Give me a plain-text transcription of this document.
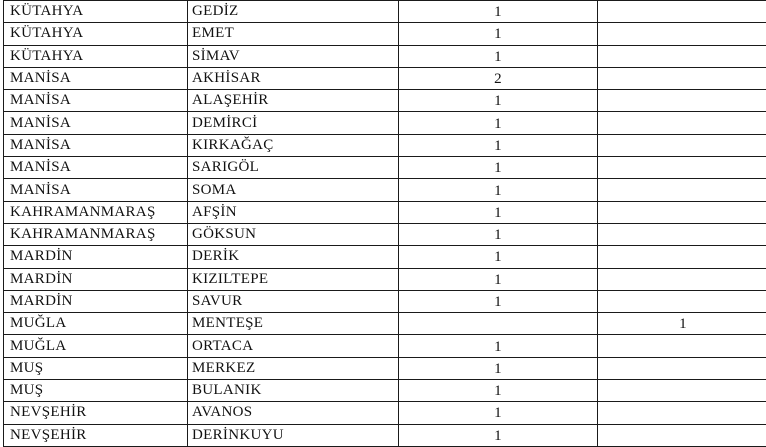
KÜTAHYA	GEDİZ	1	
KÜTAHYA	EMET	1	
KÜTAHYA	SİMAV	1	
MANİSA	AKHİSAR	2	
MANİSA	ALAŞEHİR	1	
MANİSA	DEMİRCİ	1	
MANİSA	KIRKAĞAÇ	1	
MANİSA	SARIGÖL	1	
MANİSA	SOMA	1	
KAHRAMANMARAŞ	AFŞİN	1	
KAHRAMANMARAŞ	GÖKSUN	1	
MARDİN	DERİK	1	
MARDİN	KIZILTEPE	1	
MARDİN	SAVUR	1	
MUĞLA	MENTEŞE		1
MUĞLA	ORTACA	1	
MUŞ	MERKEZ	1	
MUŞ	BULANIK	1	
NEVŞEHİR	AVANOS	1	
NEVŞEHİR	DERİNKUYU	1	
